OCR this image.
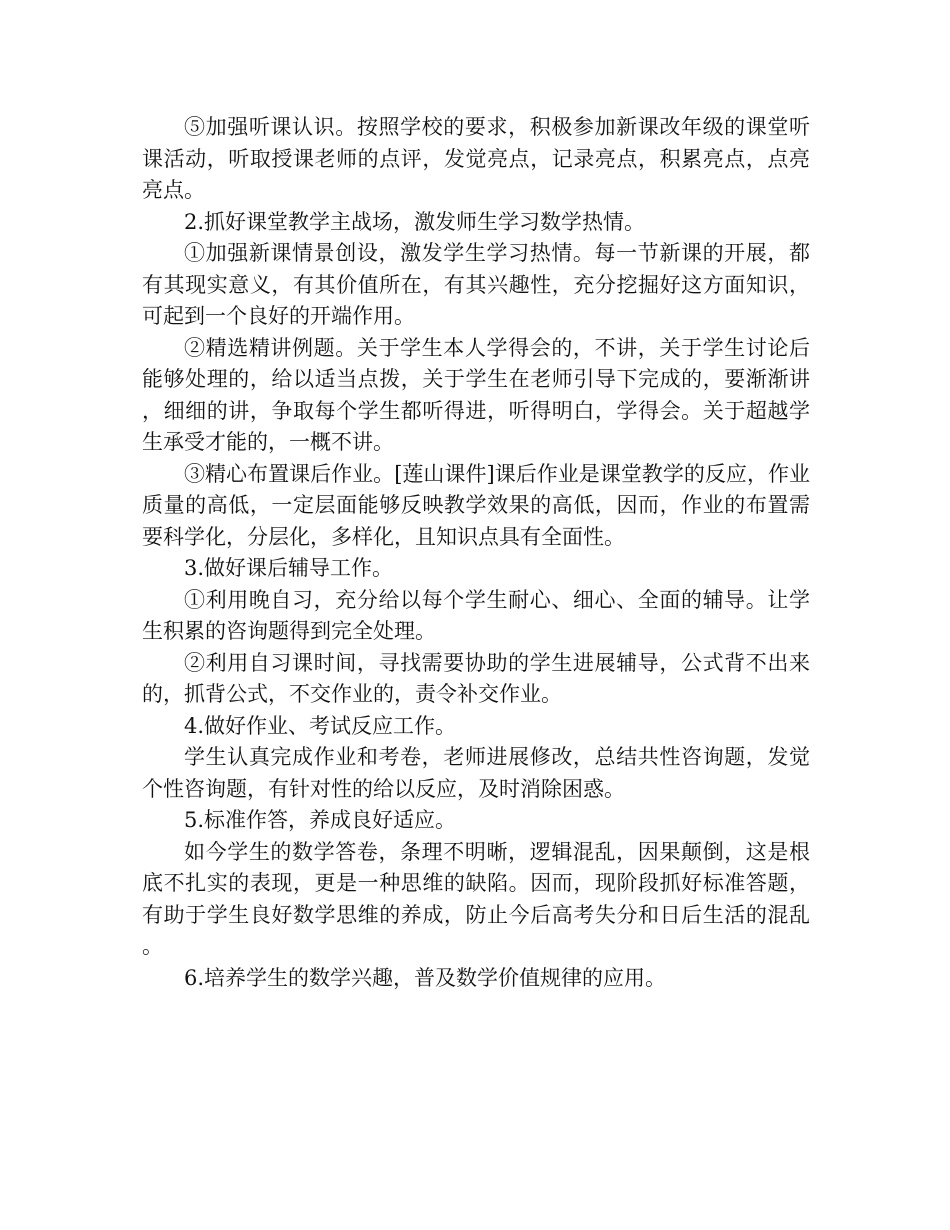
⑤加强听课认识。按照学校的要求，积极参加新课改年级的课堂听课活动，听取授课老师的点评，发觉亮点，记录亮点，积累亮点，点亮亮点。

2.抓好课堂教学主战场，激发师生学习数学热情。

①加强新课情景创设，激发学生学习热情。每一节新课的开展，都有其现实意义，有其价值所在，有其兴趣性，充分挖掘好这方面知识，可起到一个良好的开端作用。

②精选精讲例题。关于学生本人学得会的，不讲，关于学生讨论后能够处理的，给以适当点拨，关于学生在老师引导下完成的，要渐渐讲，细细的讲，争取每个学生都听得进，听得明白，学得会。关于超越学生承受才能的，一概不讲。

③精心布置课后作业。[莲山课件]课后作业是课堂教学的反应，作业质量的高低，一定层面能够反映教学效果的高低，因而，作业的布置需要科学化，分层化，多样化，且知识点具有全面性。

3.做好课后辅导工作。

①利用晚自习，充分给以每个学生耐心、细心、全面的辅导。让学生积累的咨询题得到完全处理。

②利用自习课时间，寻找需要协助的学生进展辅导，公式背不出来的，抓背公式，不交作业的，责令补交作业。

4.做好作业、考试反应工作。

学生认真完成作业和考卷，老师进展修改，总结共性咨询题，发觉个性咨询题，有针对性的给以反应，及时消除困惑。

5.标准作答，养成良好适应。

如今学生的数学答卷，条理不明晰，逻辑混乱，因果颠倒，这是根底不扎实的表现，更是一种思维的缺陷。因而，现阶段抓好标准答题，有助于学生良好数学思维的养成，防止今后高考失分和日后生活的混乱。

6.培养学生的数学兴趣，普及数学价值规律的应用。
